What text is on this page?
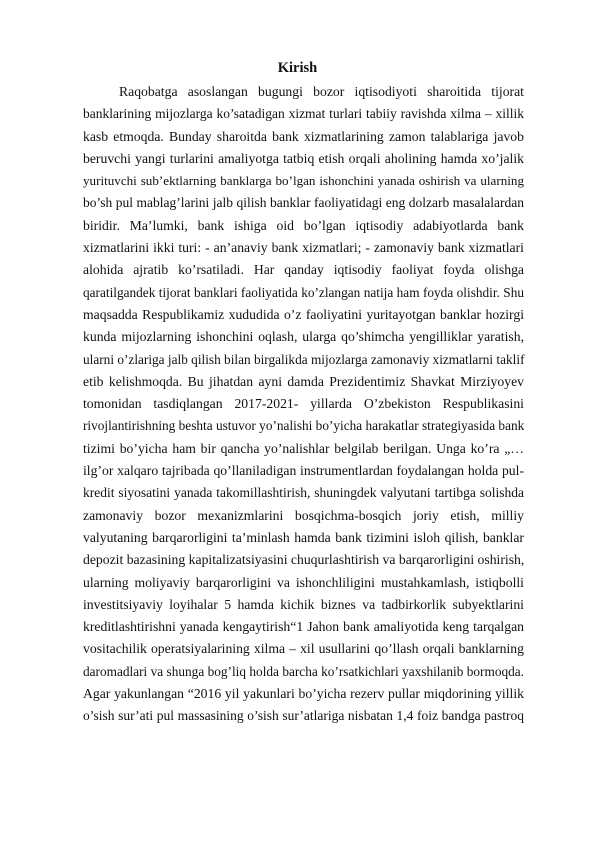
Kirish
Raqobatga asoslangan bugungi bozor iqtisodiyoti sharoitida tijorat
banklarining mijozlarga ko’satadigan xizmat turlari tabiiy ravishda xilma – xillik
kasb etmoqda. Bunday sharoitda bank xizmatlarining zamon talablariga javob
beruvchi yangi turlarini amaliyotga tatbiq etish orqali aholining hamda xo’jalik
yurituvchi sub’ektlarning banklarga bo’lgan ishonchini yanada oshirish va ularning
bo’sh pul mablag’larini jalb qilish banklar faoliyatidagi eng dolzarb masalalardan
biridir. Ma’lumki, bank ishiga oid bo’lgan iqtisodiy adabiyotlarda bank
xizmatlarini ikki turi: - an’anaviy bank xizmatlari; - zamonaviy bank xizmatlari
alohida ajratib ko’rsatiladi. Har qanday iqtisodiy faoliyat foyda olishga
qaratilgandek tijorat banklari faoliyatida ko’zlangan natija ham foyda olishdir. Shu
maqsadda Respublikamiz xududida o’z faoliyatini yuritayotgan banklar hozirgi
kunda mijozlarning ishonchini oqlash, ularga qo’shimcha yengilliklar yaratish,
ularni o’zlariga jalb qilish bilan birgalikda mijozlarga zamonaviy xizmatlarni taklif
etib kelishmoqda. Bu jihatdan ayni damda Prezidentimiz Shavkat Mirziyoyev
tomonidan tasdiqlangan 2017-2021- yillarda O’zbekiston Respublikasini
rivojlantirishning beshta ustuvor yo’nalishi bo’yicha harakatlar strategiyasida bank
tizimi bo’yicha ham bir qancha yo’nalishlar belgilab berilgan. Unga ko’ra „…
ilg’or xalqaro tajribada qo’llaniladigan instrumentlardan foydalangan holda pul-
kredit siyosatini yanada takomillashtirish, shuningdek valyutani tartibga solishda
zamonaviy bozor mexanizmlarini bosqichma-bosqich joriy etish, milliy
valyutaning barqarorligini ta’minlash hamda bank tizimini isloh qilish, banklar
depozit bazasining kapitalizatsiyasini chuqurlashtirish va barqarorligini oshirish,
ularning moliyaviy barqarorligini va ishonchliligini mustahkamlash, istiqbolli
investitsiyaviy loyihalar 5 hamda kichik biznes va tadbirkorlik subyektlarini
kreditlashtirishni yanada kengaytirish“1 Jahon bank amaliyotida keng tarqalgan
vositachilik operatsiyalarining xilma – xil usullarini qo’llash orqali banklarning
daromadlari va shunga bog’liq holda barcha ko’rsatkichlari yaxshilanib bormoqda.
Agar yakunlangan “2016 yil yakunlari bo’yicha rezerv pullar miqdorining yillik
o’sish sur’ati pul massasining o’sish sur’atlariga nisbatan 1,4 foiz bandga pastroq
